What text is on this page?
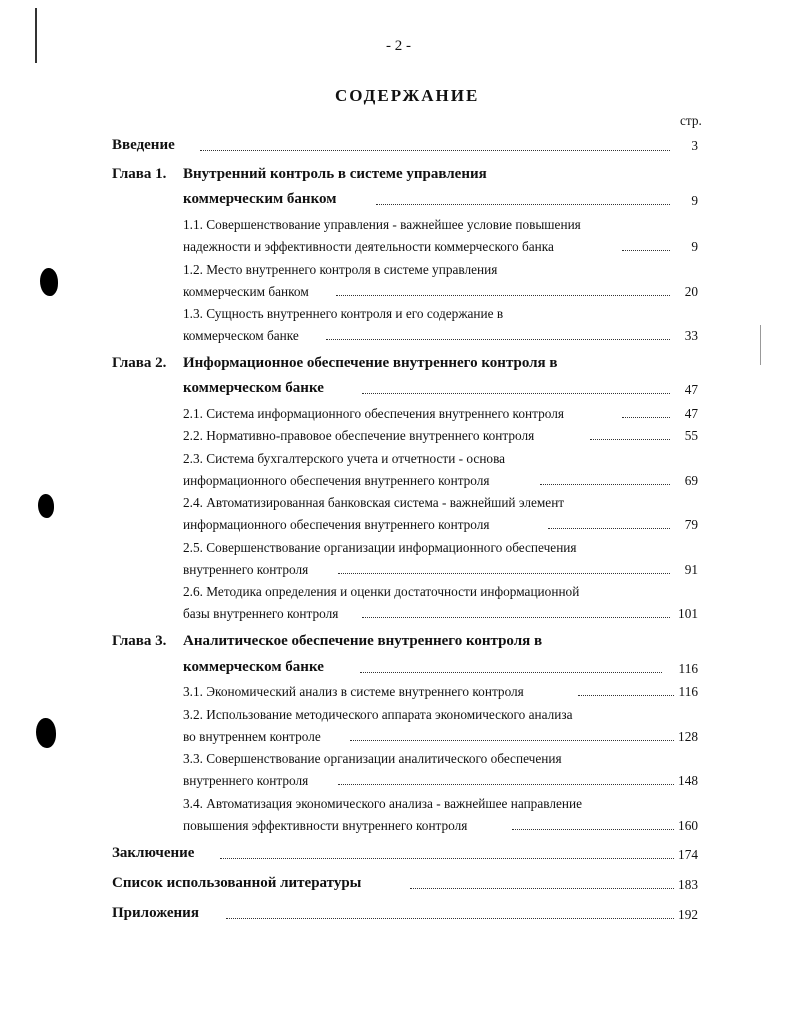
- 2 -
СОДЕРЖАНИЕ
стр.
Введение	3
Глава 1. Внутренний контроль в системе управления
коммерческим банком	9
1.1. Совершенствование управления - важнейшее условие повышения
надежности и эффективности деятельности коммерческого банка	9
1.2. Место внутреннего контроля в системе управления
коммерческим банком	20
1.3. Сущность внутреннего контроля и его содержание в
коммерческом банке	33
Глава 2. Информационное обеспечение внутреннего контроля в
коммерческом банке	47
2.1. Система информационного обеспечения внутреннего контроля	47
2.2. Нормативно-правовое обеспечение внутреннего контроля	55
2.3. Система бухгалтерского учета и отчетности - основа
информационного обеспечения внутреннего контроля	69
2.4. Автоматизированная банковская система - важнейший элемент
информационного обеспечения внутреннего контроля	79
2.5. Совершенствование организации информационного обеспечения
внутреннего контроля	91
2.6. Методика определения и оценки достаточности информационной
базы внутреннего контроля	101
Глава 3. Аналитическое обеспечение внутреннего контроля в
коммерческом банке	116
3.1. Экономический анализ в системе внутреннего контроля	116
3.2. Использование методического аппарата экономического анализа
во внутреннем контроле	128
3.3. Совершенствование организации аналитического обеспечения
внутреннего контроля	148
3.4. Автоматизация экономического анализа - важнейшее направление
повышения эффективности внутреннего контроля	160
Заключение	174
Список использованной литературы	183
Приложения	192
